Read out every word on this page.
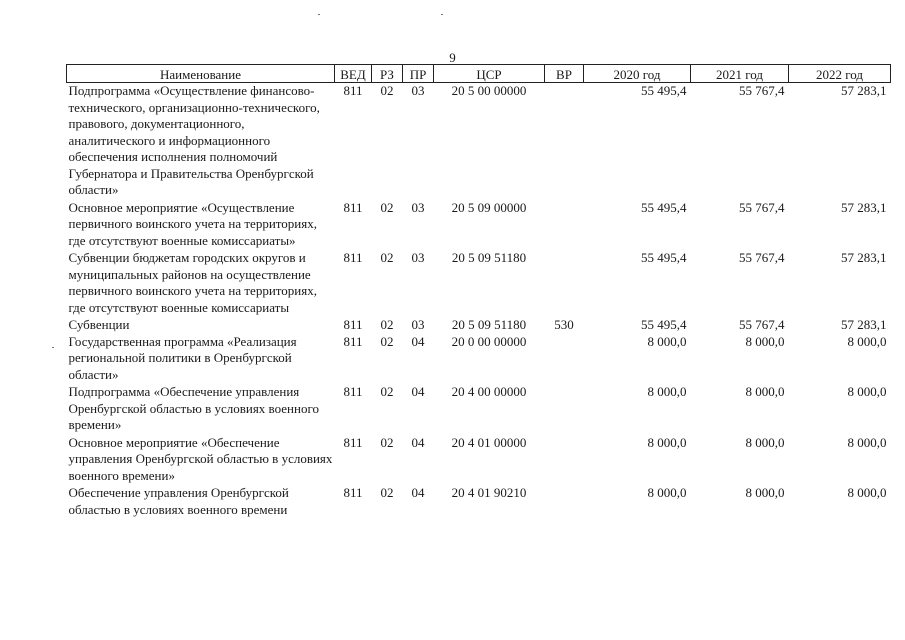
9
Наименование	ВЕД	РЗ	ПР	ЦСР	ВР	2020 год	2021 год	2022 год
Подпрограмма «Осуществление финансово-технического, организационно-технического, правового, документационного, аналитического и информационного обеспечения исполнения полномочий Губернатора и Правительства Оренбургской области»	811	02	03	20 5 00 00000		55 495,4	55 767,4	57 283,1
Основное мероприятие «Осуществление первичного воинского учета на территориях, где отсутствуют военные комиссариаты»	811	02	03	20 5 09 00000		55 495,4	55 767,4	57 283,1
Субвенции бюджетам городских округов и муниципальных районов на осуществление первичного воинского учета на территориях, где отсутствуют военные комиссариаты	811	02	03	20 5 09 51180		55 495,4	55 767,4	57 283,1
Субвенции	811	02	03	20 5 09 51180	530	55 495,4	55 767,4	57 283,1
Государственная программа «Реализация региональной политики в Оренбургской области»	811	02	04	20 0 00 00000		8 000,0	8 000,0	8 000,0
Подпрограмма «Обеспечение управления Оренбургской областью в условиях военного времени»	811	02	04	20 4 00 00000		8 000,0	8 000,0	8 000,0
Основное мероприятие «Обеспечение управления Оренбургской областью в условиях военного времени»	811	02	04	20 4 01 00000		8 000,0	8 000,0	8 000,0
Обеспечение управления Оренбургской областью в условиях военного времени	811	02	04	20 4 01 90210		8 000,0	8 000,0	8 000,0
